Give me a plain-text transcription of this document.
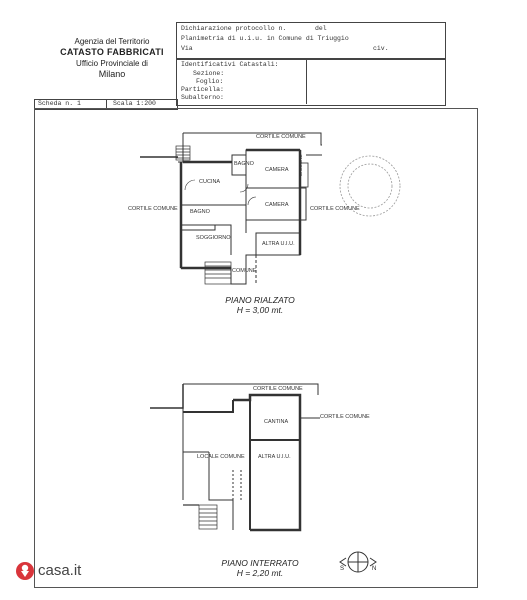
Agenzia del Territorio
CATASTO FABBRICATI
Ufficio Provinciale di
Milano
Dichiarazione protocollo n.	del
Planimetria di u.i.u. in Comune di Triuggio
Via	civ.
Identificativi Catastali:
Sezione:
Foglio:
Particella:
Subalterno:
Scheda n. 1	Scala 1:200
CORTILE COMUNE
CORTILE COMUNE	CORTILE COMUNE
CUCINA
BAGNO
BAGNO
CAMERA
CAMERA
SOGGIORNO
ALTRA U.I.U.
COMUNE
BALCONE
PIANO RIALZATO
H = 3,00 mt.
CORTILE COMUNE
CORTILE COMUNE
CANTINA
LOCALE COMUNE ALTRA U.I.U.
PIANO INTERRATO
H = 2,20 mt.	S	N
casa.it
